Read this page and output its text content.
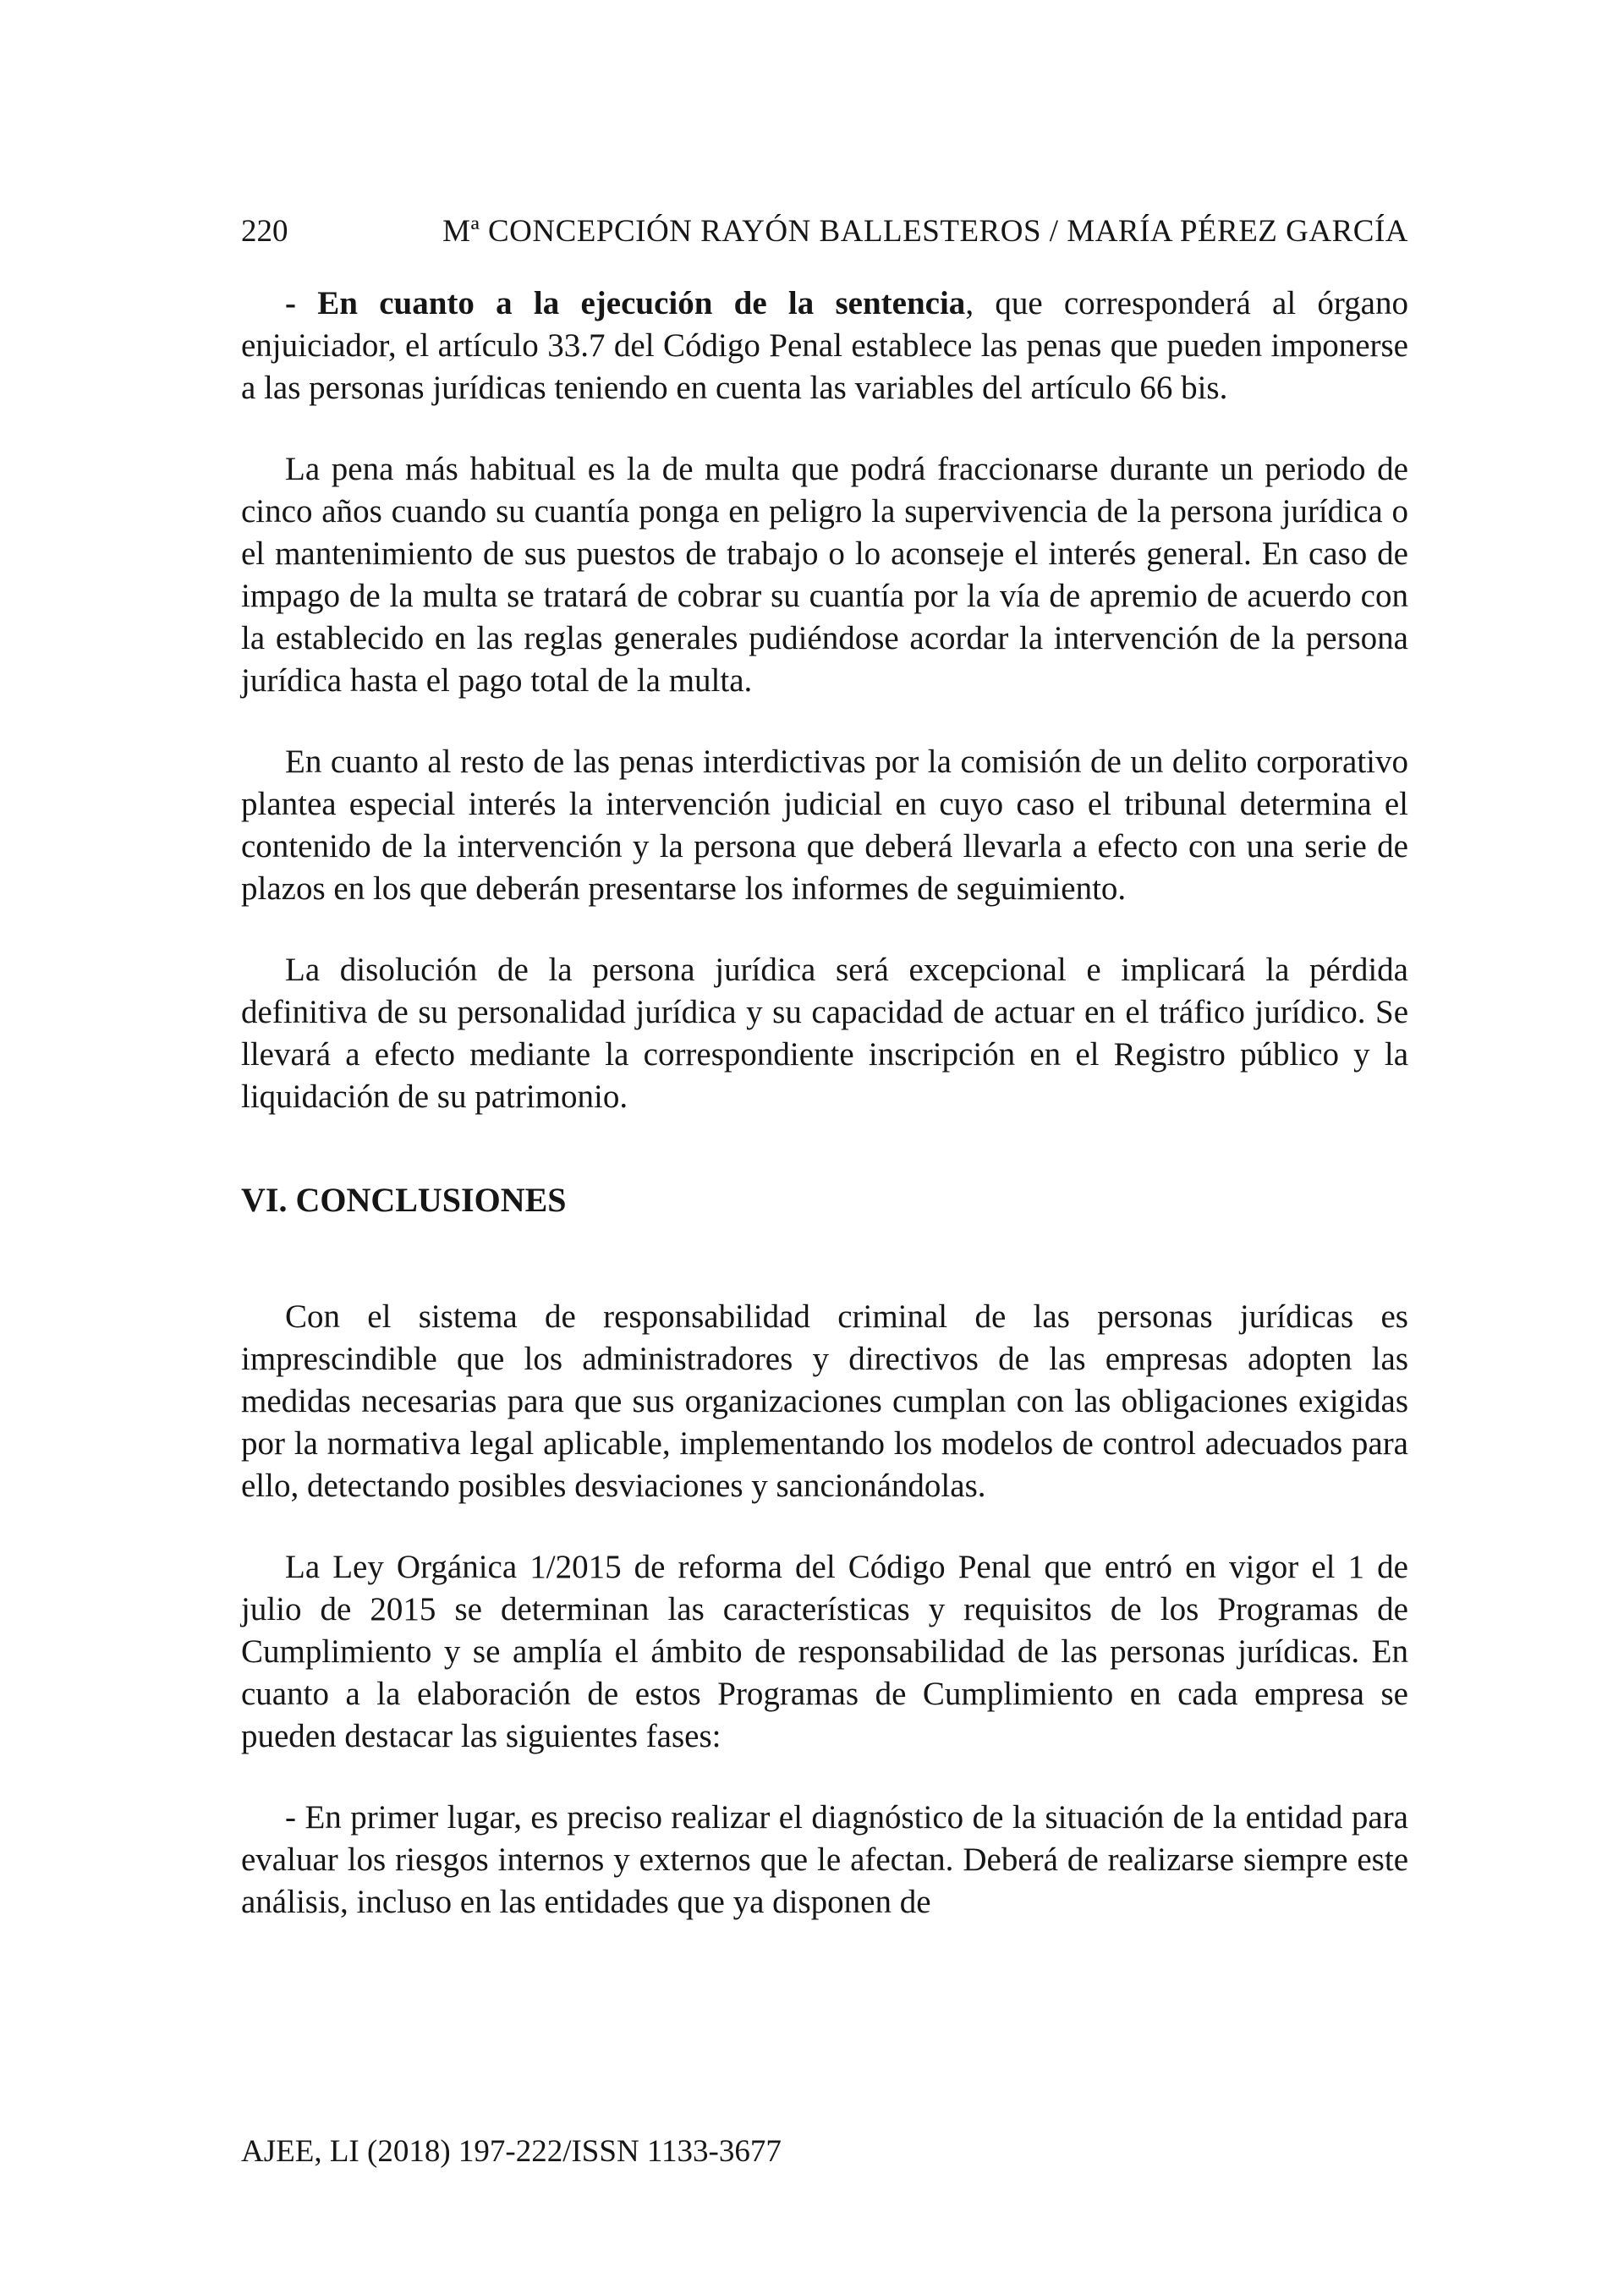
220	Mª CONCEPCIÓN RAYÓN BALLESTEROS / MARÍA PÉREZ GARCÍA

- En cuanto a la ejecución de la sentencia, que corresponderá al órgano enjuiciador, el artículo 33.7 del Código Penal establece las penas que pueden imponerse a las personas jurídicas teniendo en cuenta las variables del artículo 66 bis.

La pena más habitual es la de multa que podrá fraccionarse durante un periodo de cinco años cuando su cuantía ponga en peligro la supervivencia de la persona jurídica o el mantenimiento de sus puestos de trabajo o lo aconseje el interés general. En caso de impago de la multa se tratará de cobrar su cuantía por la vía de apremio de acuerdo con la establecido en las reglas generales pudiéndose acordar la intervención de la persona jurídica hasta el pago total de la multa.

En cuanto al resto de las penas interdictivas por la comisión de un delito corporativo plantea especial interés la intervención judicial en cuyo caso el tribunal determina el contenido de la intervención y la persona que deberá llevarla a efecto con una serie de plazos en los que deberán presentarse los informes de seguimiento.

La disolución de la persona jurídica será excepcional e implicará la pérdida definitiva de su personalidad jurídica y su capacidad de actuar en el tráfico jurídico. Se llevará a efecto mediante la correspondiente inscripción en el Registro público y la liquidación de su patrimonio.

VI. CONCLUSIONES

Con el sistema de responsabilidad criminal de las personas jurídicas es imprescindible que los administradores y directivos de las empresas adopten las medidas necesarias para que sus organizaciones cumplan con las obligaciones exigidas por la normativa legal aplicable, implementando los modelos de control adecuados para ello, detectando posibles desviaciones y sancionándolas.

La Ley Orgánica 1/2015 de reforma del Código Penal que entró en vigor el 1 de julio de 2015 se determinan las características y requisitos de los Programas de Cumplimiento y se amplía el ámbito de responsabilidad de las personas jurídicas. En cuanto a la elaboración de estos Programas de Cumplimiento en cada empresa se pueden destacar las siguientes fases:

- En primer lugar, es preciso realizar el diagnóstico de la situación de la entidad para evaluar los riesgos internos y externos que le afectan. Deberá de realizarse siempre este análisis, incluso en las entidades que ya disponen de

AJEE, LI (2018) 197-222/ISSN 1133-3677
